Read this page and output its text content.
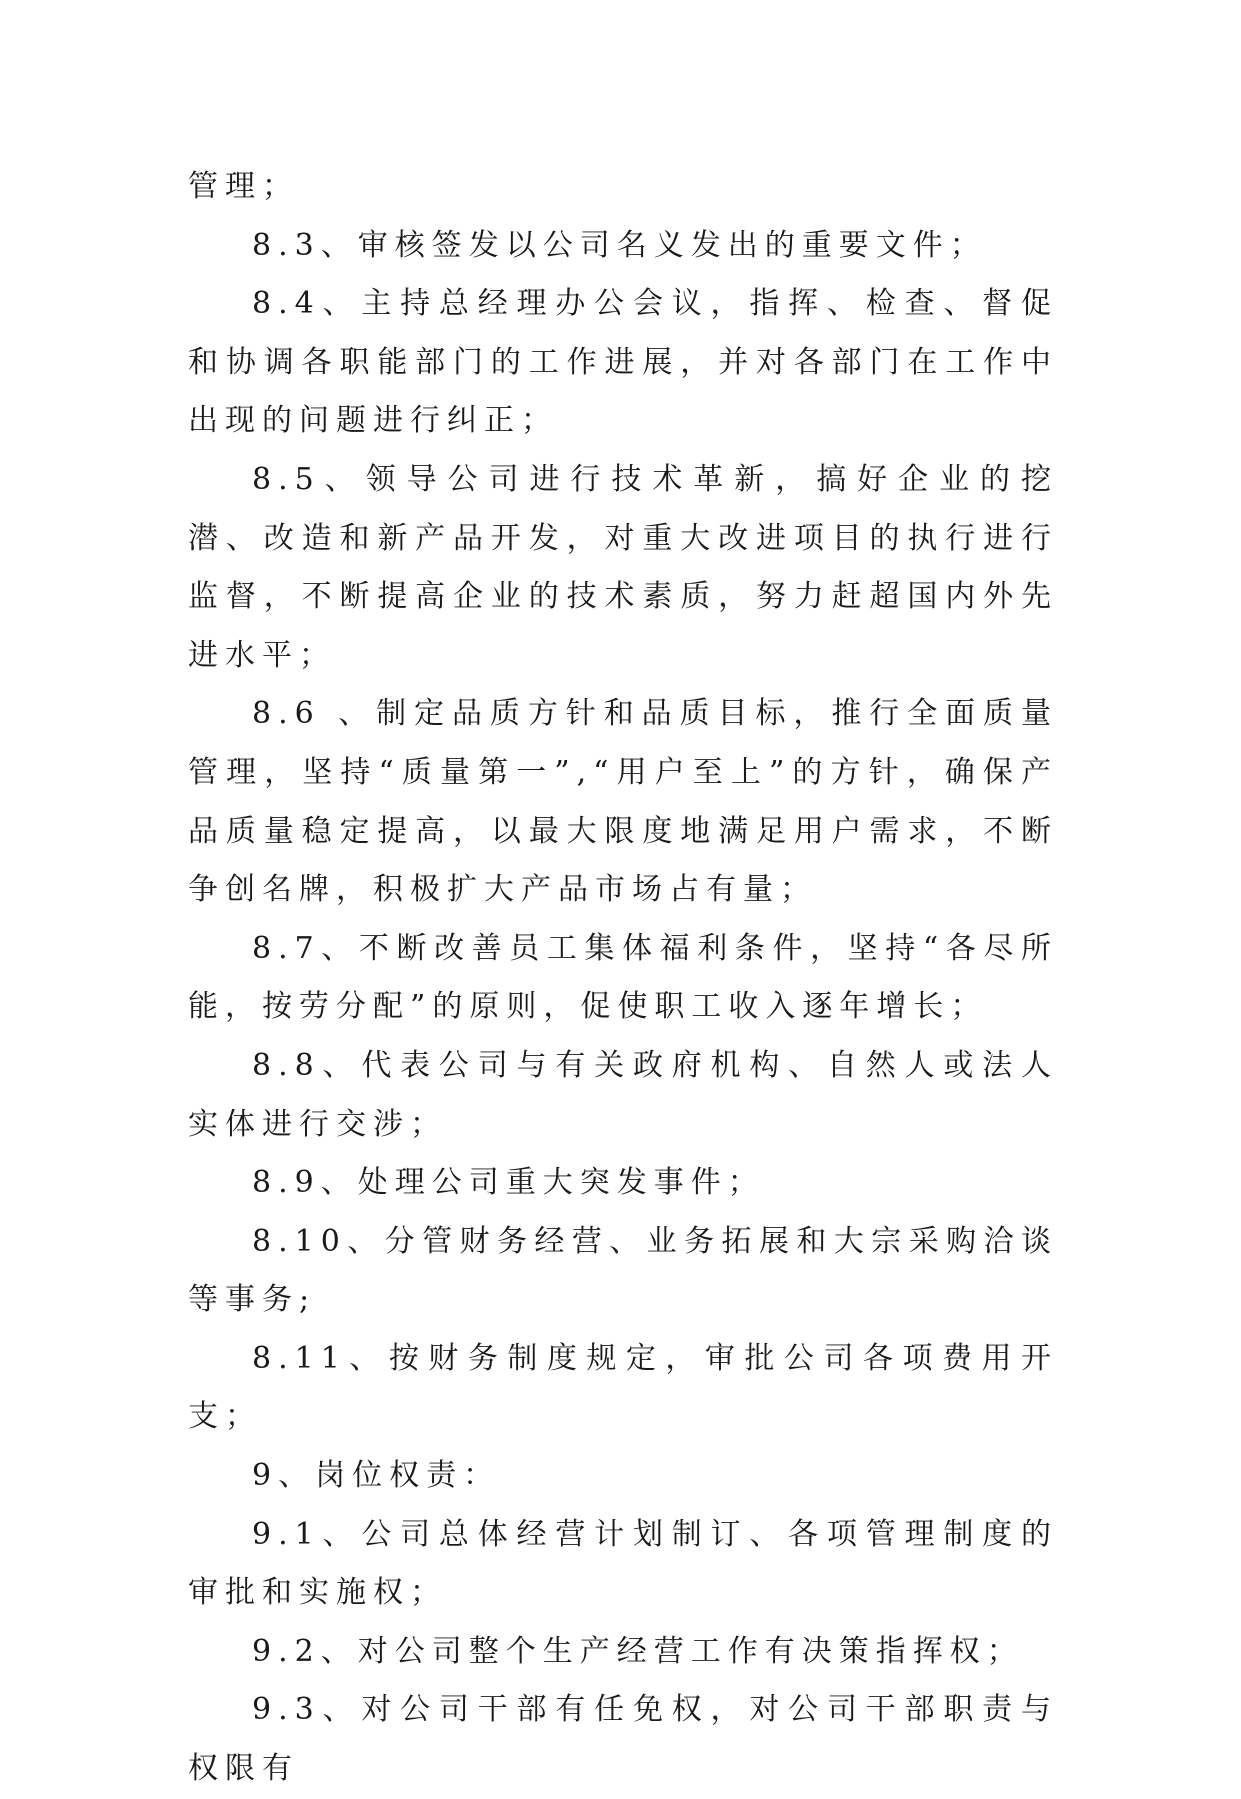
管理；

8.3、审核签发以公司名义发出的重要文件；

8.4、主持总经理办公会议，指挥、检查、督促和协调各职能部门的工作进展，并对各部门在工作中出现的问题进行纠正；

8.5、领导公司进行技术革新，搞好企业的挖潜、改造和新产品开发，对重大改进项目的执行进行监督，不断提高企业的技术素质，努力赶超国内外先进水平；

8.6 、制定品质方针和品质目标，推行全面质量管理，坚持“质量第一”,“用户至上”的方针，确保产品质量稳定提高，以最大限度地满足用户需求，不断争创名牌，积极扩大产品市场占有量；

8.7、不断改善员工集体福利条件，坚持“各尽所能，按劳分配”的原则，促使职工收入逐年增长；

8.8、代表公司与有关政府机构、自然人或法人实体进行交涉；

8.9、处理公司重大突发事件；

8.10、分管财务经营、业务拓展和大宗采购洽谈等事务;

8.11、按财务制度规定，审批公司各项费用开支；

9、岗位权责：

9.1、公司总体经营计划制订、各项管理制度的审批和实施权；

9.2、对公司整个生产经营工作有决策指挥权；

9.3、对公司干部有任免权，对公司干部职责与权限有
